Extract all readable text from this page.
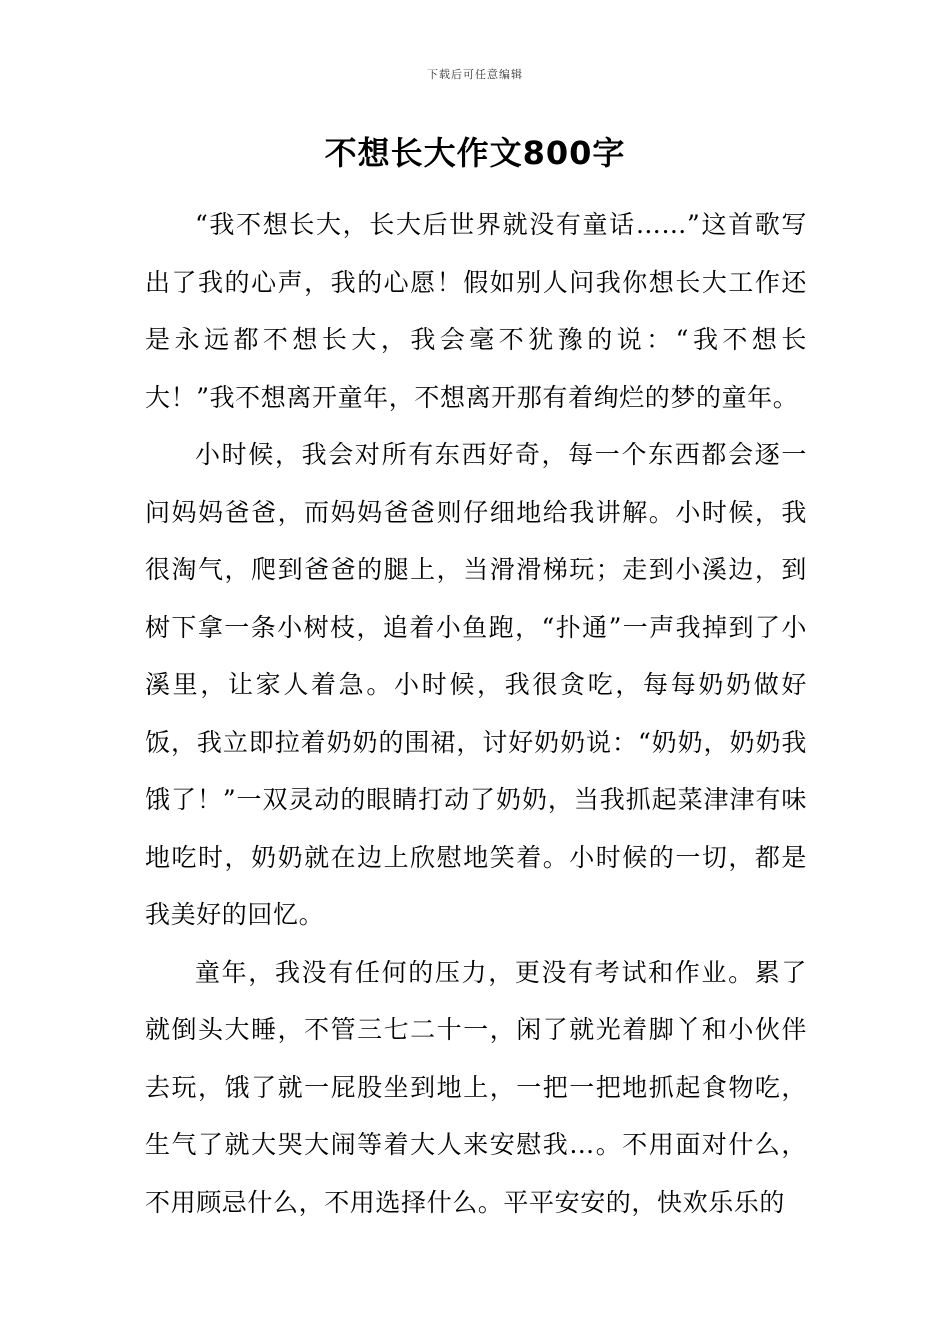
下载后可任意编辑
不想长大作文800字

“我不想长大，长大后世界就没有童话……”这首歌写出了我的心声，我的心愿！假如别人问我你想长大工作还是永远都不想长大，我会毫不犹豫的说：“我不想长大！”我不想离开童年，不想离开那有着绚烂的梦的童年。

小时候，我会对所有东西好奇，每一个东西都会逐一问妈妈爸爸，而妈妈爸爸则仔细地给我讲解。小时候，我很淘气，爬到爸爸的腿上，当滑滑梯玩；走到小溪边，到树下拿一条小树枝，追着小鱼跑，“扑通”一声我掉到了小溪里，让家人着急。小时候，我很贪吃，每每奶奶做好饭，我立即拉着奶奶的围裙，讨好奶奶说：“奶奶，奶奶我饿了！”一双灵动的眼睛打动了奶奶，当我抓起菜津津有味地吃时，奶奶就在边上欣慰地笑着。小时候的一切，都是我美好的回忆。

童年，我没有任何的压力，更没有考试和作业。累了就倒头大睡，不管三七二十一，闲了就光着脚丫和小伙伴去玩，饿了就一屁股坐到地上，一把一把地抓起食物吃，生气了就大哭大闹等着大人来安慰我…。不用面对什么，不用顾忌什么，不用选择什么。平平安安的，快欢乐乐的
